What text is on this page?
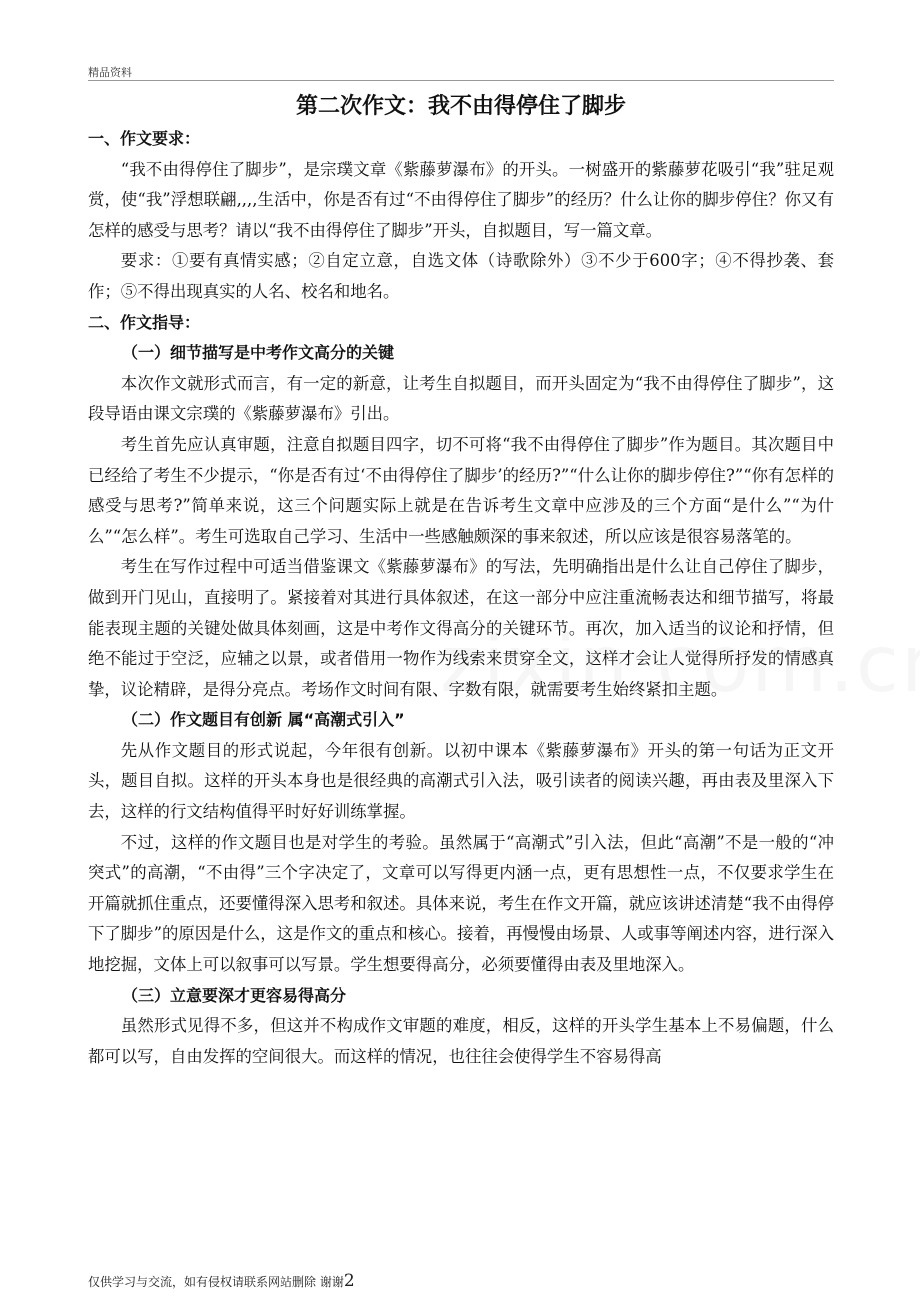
精品资料
第二次作文：我不由得停住了脚步

一、作文要求：

“我不由得停住了脚步”，是宗璞文章《紫藤萝瀑布》的开头。一树盛开的紫藤萝花吸引“我”驻足观赏，使“我”浮想联翩,,,,生活中，你是否有过“不由得停住了脚步”的经历？什么让你的脚步停住？你又有怎样的感受与思考？请以“我不由得停住了脚步”开头，自拟题目，写一篇文章。

要求：①要有真情实感；②自定立意，自选文体（诗歌除外）③不少于600字；④不得抄袭、套作；⑤不得出现真实的人名、校名和地名。

二、作文指导：

（一）细节描写是中考作文高分的关键

本次作文就形式而言，有一定的新意，让考生自拟题目，而开头固定为“我不由得停住了脚步”，这段导语由课文宗璞的《紫藤萝瀑布》引出。

考生首先应认真审题，注意自拟题目四字，切不可将“我不由得停住了脚步”作为题目。其次题目中已经给了考生不少提示，“你是否有过‘不由得停住了脚步’的经历?”“什么让你的脚步停住?”“你有怎样的感受与思考?”简单来说，这三个问题实际上就是在告诉考生文章中应涉及的三个方面“是什么”“为什么”“怎么样”。考生可选取自己学习、生活中一些感触颇深的事来叙述，所以应该是很容易落笔的。

考生在写作过程中可适当借鉴课文《紫藤萝瀑布》的写法，先明确指出是什么让自己停住了脚步，做到开门见山，直接明了。紧接着对其进行具体叙述，在这一部分中应注重流畅表达和细节描写，将最能表现主题的关键处做具体刻画，这是中考作文得高分的关键环节。再次，加入适当的议论和抒情，但绝不能过于空泛，应辅之以景，或者借用一物作为线索来贯穿全文，这样才会让人觉得所抒发的情感真挚，议论精辟，是得分亮点。考场作文时间有限、字数有限，就需要考生始终紧扣主题。

（二）作文题目有创新 属“高潮式引入”

先从作文题目的形式说起，今年很有创新。以初中课本《紫藤萝瀑布》开头的第一句话为正文开头，题目自拟。这样的开头本身也是很经典的高潮式引入法，吸引读者的阅读兴趣，再由表及里深入下去，这样的行文结构值得平时好好训练掌握。

不过，这样的作文题目也是对学生的考验。虽然属于“高潮式”引入法，但此“高潮”不是一般的“冲突式”的高潮，“不由得”三个字决定了，文章可以写得更内涵一点，更有思想性一点，不仅要求学生在开篇就抓住重点，还要懂得深入思考和叙述。具体来说，考生在作文开篇，就应该讲述清楚“我不由得停下了脚步”的原因是什么，这是作文的重点和核心。接着，再慢慢由场景、人或事等阐述内容，进行深入地挖掘，文体上可以叙事可以写景。学生想要得高分，必须要懂得由表及里地深入。

（三）立意要深才更容易得高分

虽然形式见得不多，但这并不构成作文审题的难度，相反，这样的开头学生基本上不易偏题，什么都可以写，自由发挥的空间很大。而这样的情况，也往往会使得学生不容易得高

仅供学习与交流，如有侵权请联系网站删除 谢谢2
